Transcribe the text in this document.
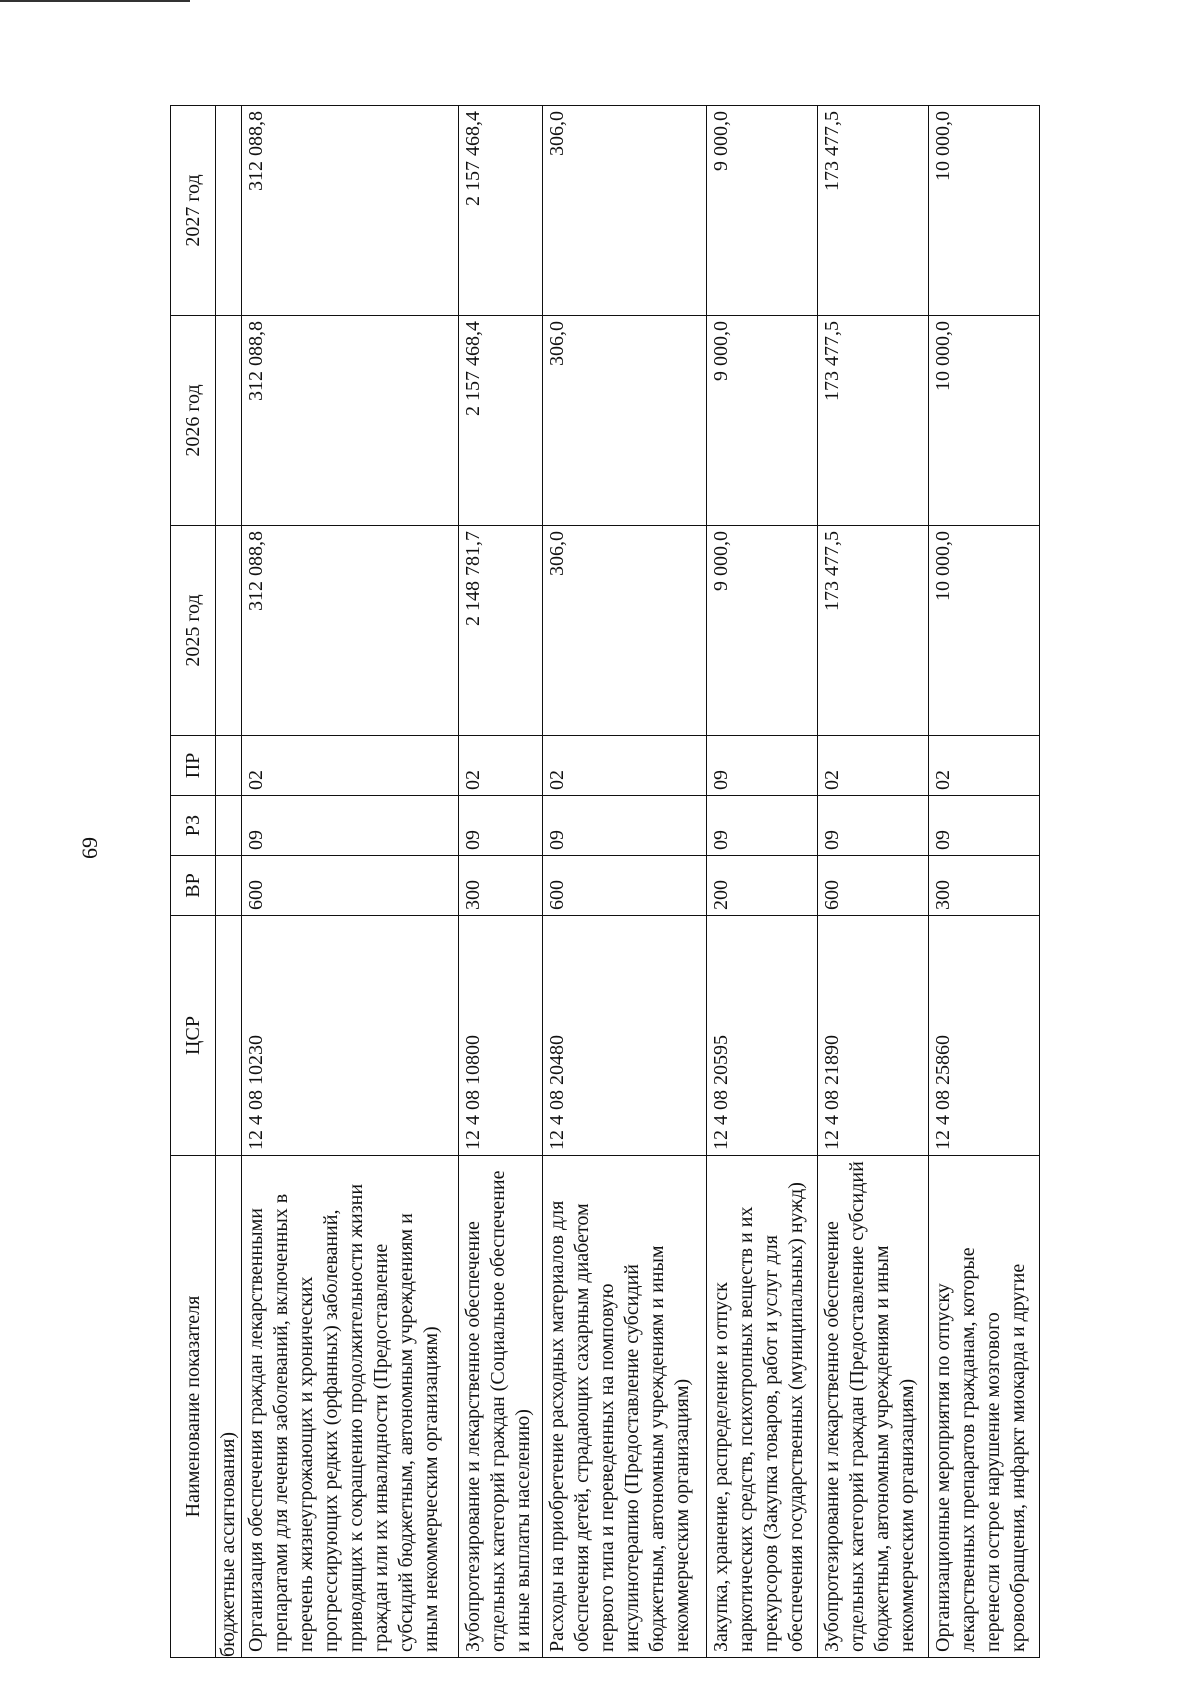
69
Наименование показателя	ЦСР	ВР	РЗ	ПР	2025 год	2026 год	2027 год
бюджетные ассигнования)							
Организация обеспечения граждан лекарственными препаратами для лечения заболеваний, включенных в перечень жизнеугрожающих и хронических прогрессирующих редких (орфанных) заболеваний, приводящих к сокращению продолжительности жизни граждан или их инвалидности (Предоставление субсидий бюджетным, автономным учреждениям и иным некоммерческим организациям)	12 4 08 10230	600	09	02	312 088,8	312 088,8	312 088,8
Зубопротезирование и лекарственное обеспечение отдельных категорий граждан (Социальное обеспечение и иные выплаты населению)	12 4 08 10800	300	09	02	2 148 781,7	2 157 468,4	2 157 468,4
Расходы на приобретение расходных материалов для обеспечения детей, страдающих сахарным диабетом первого типа и переведенных на помповую инсулинотерапию (Предоставление субсидий бюджетным, автономным учреждениям и иным некоммерческим организациям)	12 4 08 20480	600	09	02	306,0	306,0	306,0
Закупка, хранение, распределение и отпуск наркотических средств, психотропных веществ и их прекурсоров (Закупка товаров, работ и услуг для обеспечения государственных (муниципальных) нужд)	12 4 08 20595	200	09	09	9 000,0	9 000,0	9 000,0
Зубопротезирование и лекарственное обеспечение отдельных категорий граждан (Предоставление субсидий бюджетным, автономным учреждениям и иным некоммерческим организациям)	12 4 08 21890	600	09	02	173 477,5	173 477,5	173 477,5
Организационные мероприятия по отпуску лекарственных препаратов гражданам, которые перенесли острое нарушение мозгового кровообращения, инфаркт миокарда и другие	12 4 08 25860	300	09	02	10 000,0	10 000,0	10 000,0
